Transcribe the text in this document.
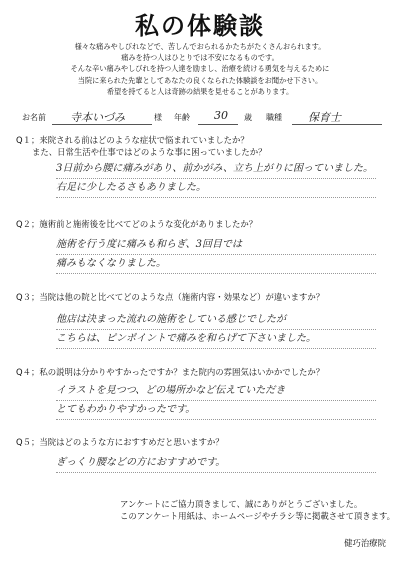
私の体験談
様々な痛みやしびれなどで、苦しんでおられるかたちがたくさんおられます。
痛みを持つ人はひとりでは不安になるものです。
そんな辛い痛みやしびれを持つ人達を励まし、治療を続ける勇気を与えるために
当院に来られた先輩としてあなたの良くなられた体験談をお聞かせ下さい。
希望を持てると人は奇跡の結果を見せることがあります。
お名前 寺本いづみ	様 年齢 30 歳 職種 保育士
Q１；来院される前はどのような症状で悩まれていましたか？
また、日常生活や仕事ではどのような事に困っていましたか？
3日前から腰に痛みがあり、前かがみ、立ち上がりに困っていました。
右足に少したるさもありました。
Q２；施術前と施術後を比べてどのような変化がありましたか？
施術を行う度に痛みも和らぎ、3回目では
痛みもなくなりました。
Q３；当院は他の院と比べてどのような点（施術内容・効果など）が違いますか？
他店は決まった流れの施術をしている感じでしたが
こちらは、ピンポイントで痛みを和らげて下さいました。
Q４；私の説明は分かりやすかったですか？また院内の雰囲気はいかかでしたか？
イラストを見つつ、どの場所かなど伝えていただき
とてもわかりやすかったです。
Q５；当院はどのような方におすすめだと思いますか？
ぎっくり腰などの方におすすめです。
アンケートにご協力頂きまして、誠にありがとうございました。
このアンケート用紙は、ホームページやチラシ等に掲載させて頂きます。
健巧治療院
